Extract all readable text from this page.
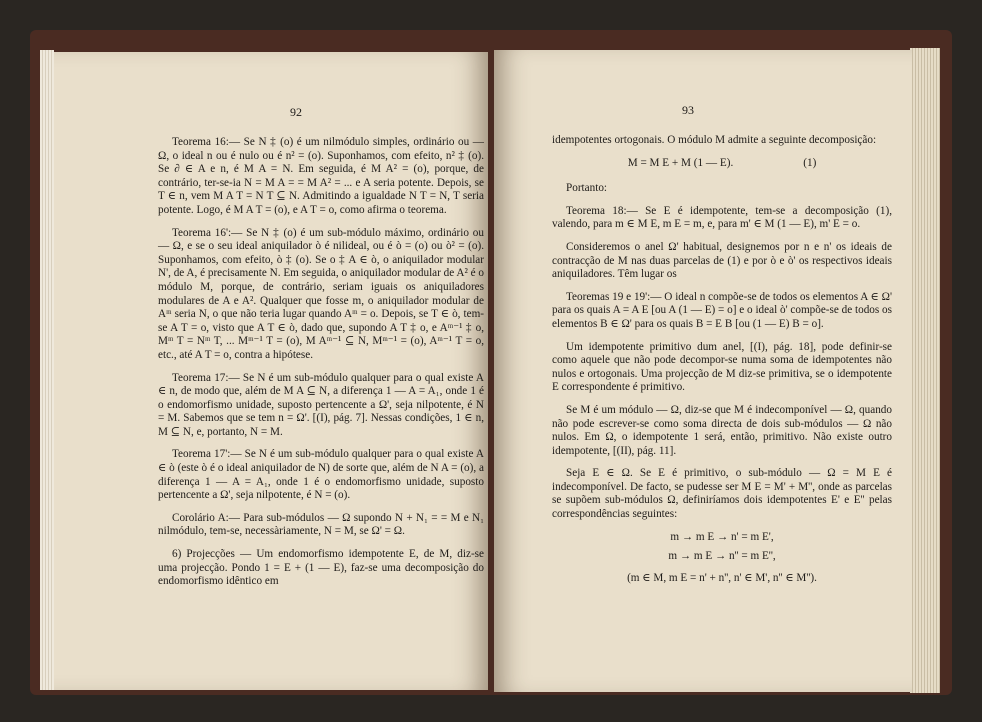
92

Teorema 16:— Se N ‡ (o) é um nilmódulo simples, ordinário ou — Ω, o ideal n ou é nulo ou é n² = (o). Suponhamos, com efeito, n² ‡ (o). Se ∂ ∈ A e n, é M A = N. Em seguida, é M A² = (o), porque, de contrário, ter-se-ia N = M A = = M A² = ... e A seria potente. Depois, se T ∈ n, vem M A T = N T ⊆ N. Admitindo a igualdade N T = N, T seria potente. Logo, é M A T = (o), e A T = o, como afirma o teorema.

Teorema 16':— Se N ‡ (o) é um sub-módulo máximo, ordinário ou — Ω, e se o seu ideal aniquilador ò é nilideal, ou é ò = (o) ou ò² = (o). Suponhamos, com efeito, ò ‡ (o). Se o ‡ A ∈ ò, o aniquilador modular N', de A, é precisamente N. Em seguida, o aniquilador modular de A² é o módulo M, porque, de contrário, seriam iguais os aniquiladores modulares de A e A². Qualquer que fosse m, o aniquilador modular de Aᵐ seria N, o que não teria lugar quando Aᵐ = o. Depois, se T ∈ ò, tem-se A T = o, visto que A T ∈ ò, dado que, supondo A T ‡ o, e Aᵐ⁻¹ ‡ o, Mᵐ T = Nᵐ T, ... Mᵐ⁻¹ T = (o), M Aᵐ⁻¹ ⊆ N, Mᵐ⁻¹ = (o), Aᵐ⁻¹ T = o, etc., até A T = o, contra a hipótese.

Teorema 17:— Se N é um sub-módulo qualquer para o qual existe A ∈ n, de modo que, além de M A ⊆ N, a diferença 1 — A = A₁, onde 1 é o endomorfismo unidade, suposto pertencente a Ω', seja nilpotente, é N = M. Sabemos que se tem n = Ω'. [(I), pág. 7]. Nessas condições, 1 ∈ n, M ⊆ N, e, portanto, N = M.

Teorema 17':— Se N é um sub-módulo qualquer para o qual existe A ∈ ò (este ò é o ideal aniquilador de N) de sorte que, além de N A = (o), a diferença 1 — A = A₁, onde 1 é o endomorfismo unidade, suposto pertencente a Ω', seja nilpotente, é N = (o).

Corolário A:— Para sub-módulos — Ω supondo N + N₁ = = M e N₁ nilmódulo, tem-se, necessàriamente, N = M, se Ω' = Ω.

6) Projecções — Um endomorfismo idempotente E, de M, diz-se uma projecção. Pondo 1 = E + (1 — E), faz-se uma decomposição do endomorfismo idêntico em

93

idempotentes ortogonais. O módulo M admite a seguinte decomposição:

M = M E + M (1 — E).	(1)

Portanto:

Teorema 18:— Se E é idempotente, tem-se a decomposição (1), valendo, para m ∈ M E, m E = m, e, para m' ∈ M (1 — E), m' E = o.

Consideremos o anel Ω' habitual, designemos por n e n' os ideais de contracção de M nas duas parcelas de (1) e por ò e ò' os respectivos ideais aniquiladores. Têm lugar os

Teoremas 19 e 19':— O ideal n compõe-se de todos os elementos A ∈ Ω' para os quais A = A E [ou A (1 — E) = o] e o ideal ò' compõe-se de todos os elementos B ∈ Ω' para os quais B = E B [ou (1 — E) B = o].

Um idempotente primitivo dum anel, [(I), pág. 18], pode definir-se como aquele que não pode decompor-se numa soma de idempotentes não nulos e ortogonais. Uma projecção de M diz-se primitiva, se o idempotente E correspondente é primitivo.

Se M é um módulo — Ω, diz-se que M é indecomponível — Ω, quando não pode escrever-se como soma directa de dois sub-módulos — Ω não nulos. Em Ω, o idempotente 1 será, então, primitivo. Não existe outro idempotente, [(II), pág. 11].

Seja E ∈ Ω. Se E é primitivo, o sub-módulo — Ω = M E é indecomponível. De facto, se pudesse ser M E = M' + M'', onde as parcelas se supõem sub-módulos Ω, definiríamos dois idempotentes E' e E'' pelas correspondências seguintes:

m → m E → n' = m E',
m → m E → n'' = m E'',
(m ∈ M, m E = n' + n'', n' ∈ M', n'' ∈ M'').
